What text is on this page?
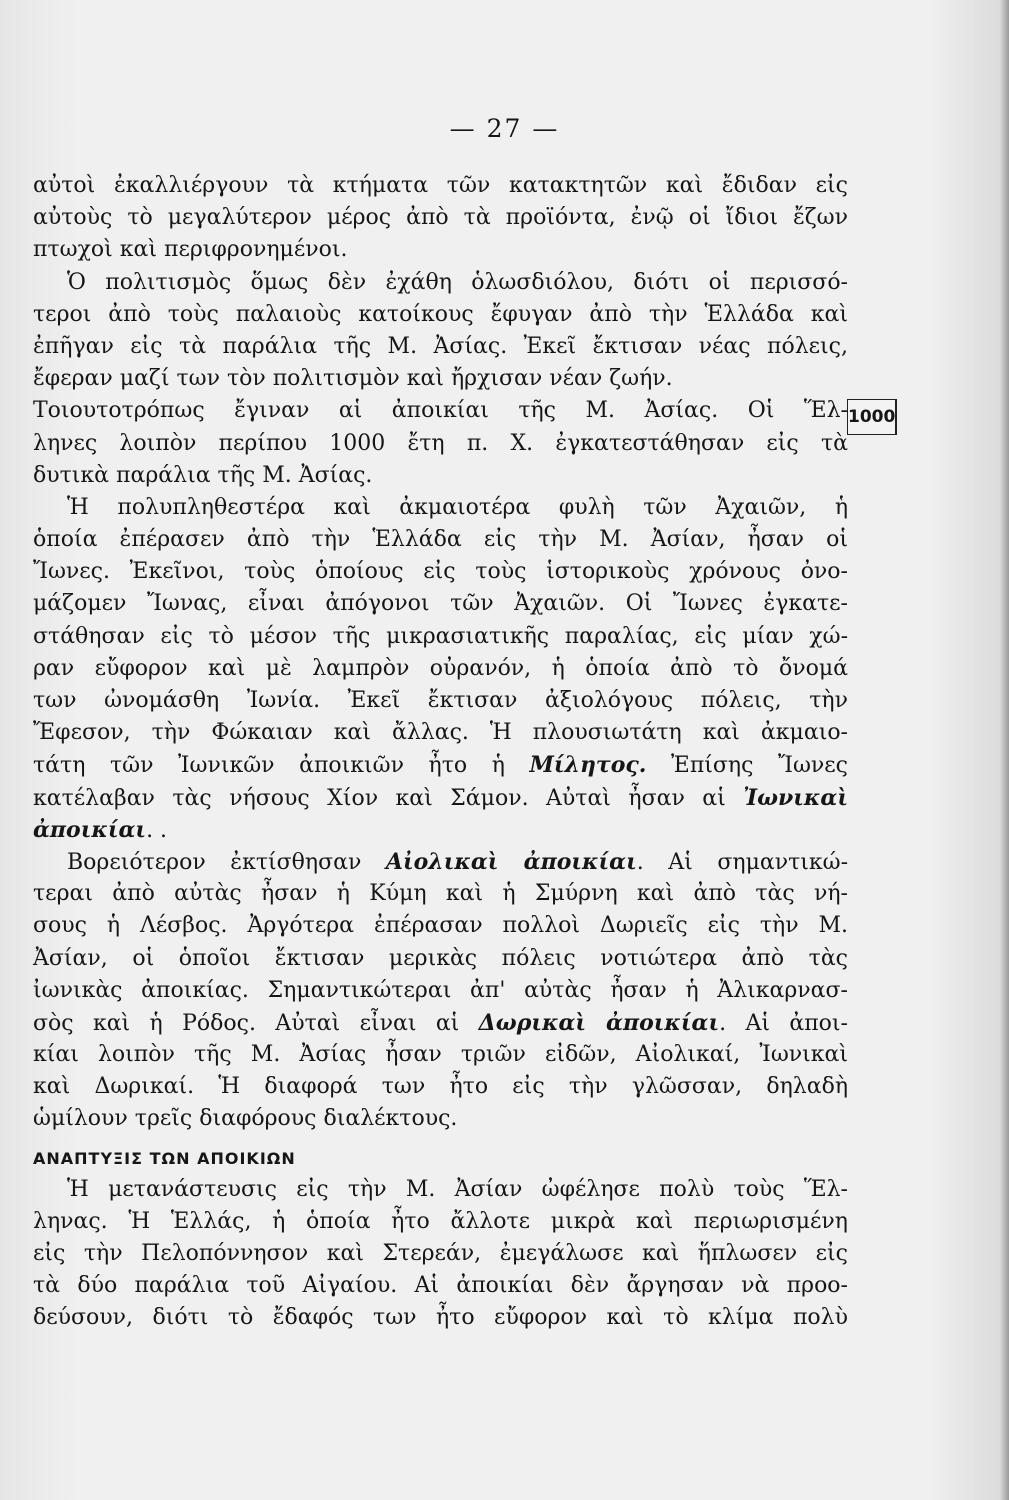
— 27 —
1000
αὐτοὶ ἐκαλλιέργουν τὰ κτήματα τῶν κατακτητῶν καὶ ἔδιδαν εἰς
αὐτοὺς τὸ μεγαλύτερον μέρος ἀπὸ τὰ προϊόντα, ἐνῷ οἱ ἴδιοι ἔζων
πτωχοὶ καὶ περιφρονημένοι.
Ὁ πολιτισμὸς ὅμως δὲν ἐχάθη ὁλωσδιόλου, διότι οἱ περισσό-
τεροι ἀπὸ τοὺς παλαιοὺς κατοίκους ἔφυγαν ἀπὸ τὴν Ἑλλάδα καὶ
ἐπῆγαν εἰς τὰ παράλια τῆς Μ. Ἀσίας. Ἐκεῖ ἔκτισαν νέας πόλεις,
ἔφεραν μαζί των τὸν πολιτισμὸν καὶ ἤρχισαν νέαν ζωήν.
Τοιουτοτρόπως ἔγιναν αἱ ἀποικίαι τῆς Μ. Ἀσίας. Οἱ Ἕλ-
ληνες λοιπὸν περίπου 1000 ἔτη π. Χ. ἐγκατεστάθησαν εἰς τὰ
δυτικὰ παράλια τῆς Μ. Ἀσίας.
Ἡ πολυπληθεστέρα καὶ ἀκμαιοτέρα φυλὴ τῶν Ἀχαιῶν, ἡ
ὁποία ἐπέρασεν ἀπὸ τὴν Ἑλλάδα εἰς τὴν Μ. Ἀσίαν, ἦσαν οἱ
Ἴωνες. Ἐκεῖνοι, τοὺς ὁποίους εἰς τοὺς ἱστορικοὺς χρόνους ὀνο-
μάζομεν Ἴωνας, εἶναι ἀπόγονοι τῶν Ἀχαιῶν. Οἱ Ἴωνες ἐγκατε-
στάθησαν εἰς τὸ μέσον τῆς μικρασιατικῆς παραλίας, εἰς μίαν χώ-
ραν εὔφορον καὶ μὲ λαμπρὸν οὐρανόν, ἡ ὁποία ἀπὸ τὸ ὄνομά
των ὠνομάσθη Ἰωνία. Ἐκεῖ ἔκτισαν ἀξιολόγους πόλεις, τὴν
Ἔφεσον, τὴν Φώκαιαν καὶ ἄλλας. Ἡ πλουσιωτάτη καὶ ἀκμαιο-
τάτη τῶν Ἰωνικῶν ἀποικιῶν ἦτο ἡ Μίλητος. Ἐπίσης Ἴωνες
κατέλαβαν τὰς νήσους Χίον καὶ Σάμον. Αὐταὶ ἦσαν αἱ Ἰωνικαὶ
ἀποικίαι. .
Βορειότερον ἐκτίσθησαν Αἰολικαὶ ἀποικίαι. Αἱ σημαντικώ-
τεραι ἀπὸ αὐτὰς ἦσαν ἡ Κύμη καὶ ἡ Σμύρνη καὶ ἀπὸ τὰς νή-
σους ἡ Λέσβος. Ἀργότερα ἐπέρασαν πολλοὶ Δωριεῖς εἰς τὴν Μ.
Ἀσίαν, οἱ ὁποῖοι ἔκτισαν μερικὰς πόλεις νοτιώτερα ἀπὸ τὰς
ἰωνικὰς ἀποικίας. Σημαντικώτεραι ἀπ' αὐτὰς ἦσαν ἡ Ἀλικαρνασ-
σὸς καὶ ἡ Ρόδος. Αὐταὶ εἶναι αἱ Δωρικαὶ ἀποικίαι. Αἱ ἀποι-
κίαι λοιπὸν τῆς Μ. Ἀσίας ἦσαν τριῶν εἰδῶν, Αἰολικαί, Ἰωνικαὶ
καὶ Δωρικαί. Ἡ διαφορά των ἦτο εἰς τὴν γλῶσσαν, δηλαδὴ
ὡμίλουν τρεῖς διαφόρους διαλέκτους.
ΑΝΑΠΤΥΞΙΣ ΤΩΝ ΑΠΟΙΚΙΩΝ
Ἡ μετανάστευσις εἰς τὴν Μ. Ἀσίαν ὠφέλησε πολὺ τοὺς Ἕλ-
ληνας. Ἡ Ἑλλάς, ἡ ὁποία ἦτο ἄλλοτε μικρὰ καὶ περιωρισμένη
εἰς τὴν Πελοπόννησον καὶ Στερεάν, ἐμεγάλωσε καὶ ἥπλωσεν εἰς
τὰ δύο παράλια τοῦ Αἰγαίου. Αἱ ἀποικίαι δὲν ἄργησαν νὰ προο-
δεύσουν, διότι τὸ ἔδαφός των ἦτο εὔφορον καὶ τὸ κλίμα πολὺ
